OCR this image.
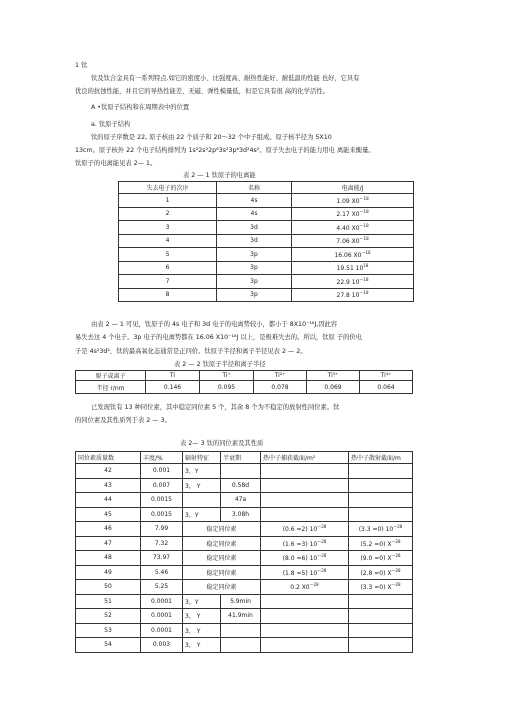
1 钛
钛及钛合金具有一系列特点.如它的密度小、比强度高、耐热性能好、耐低温的性能 也好，它具有
优良的抗蚀性能，并且它的导热性能差、无磁、弹性模量低，但是它具有很 高的化学活性。
A •钛原子结构和在周期表中的位置
a. 钛原子结构
钛的原子序数是 22, 原子核由 22 个质子和 20〜32 个中子组成。原子核半径为 5X10
13cm。原子核外 22 个电子结构排列为 1s²2s²2p⁶3s²3p⁶3d²4s²。原子失去电子的能力用电 离能来衡量。
钛原子的电离能见表 2— 1。
表 2 — 1 钛原子的电离能
失去电子的次序	名称	电离能/J
1	4s	1.09 $X0^{—18}$
2	4s	2.17 $X0^{—18}$
3	3d	4.40 $X0^{—18}$
4	3d	7.06 $X0^{—18}$
5	3p	16.06 $X0^{—18}$
6	3p	19.51 $10^{18}$
7	3p	22.9 $10^{—18}$
8	3p	27.8 $10^{—18}$
由表 2 — 1 可见，钛原子的 4s 电子和 3d 电子的电离势较小，都小于 8X10⁻¹⁸J,因此容
易失去这 4 个电子。3p 电子的电离势都在 16.06 X10⁻¹⁸J 以上，是极难失去的。所以，钛原 子的价电
子是 4s²3d²，钛的最高氧化态通常是正四价。钛原子半径和离子半径见表 2 — 2。
表 2 — 2 钛原子半径和离子半径
原子或离子	Ti	Ti⁺	Ti²⁺	Ti³⁺	Ti⁴⁺
半径 r/nm	0.146	0.095	0.078	0.069	0.064
已发现钛有 13 种同位素，其中稳定同位素 5 个，其余 8 个为不稳定的放射性同位素。钛
的同位素及其性质列于表 2 — 3。
表 2— 3 钛的同位素及其性质
同位素质量数	丰度/%	辐射特征	半衰期	热中子捕获截面/m²	热中子散射截面/m
42	0.001	3，Y			
43	0.007	3， Y	0.58d		
44	0.0015		47a		
45	0.0015	3，Y	3.08h		
46	7.99	稳定同位素		(0.6 =2) $10^{—28}$	(3.3 =0) $10^{—28}$
47	7.32	稳定同位素		(1.6 =3) $10^{—28}$	(5.2 =0) $X^{—28}$
48	73.97	稳定同位素		(8.0 =6) $10^{—28}$	(9.0 =0) $X^{—28}$
49	5.46	稳定同位素		(1.8 =5) $10^{—28}$	(2.8 =0) $X^{—28}$
50	5.25	稳定同位素		0.2 $X0^{—28}$	(3.3 =0) $X^{—28}$
51	0.0001	3，Y	5.9min		
52	0.0001	3， Y	41.9min		
53	0.0001	3， Y			
54	0.003	3， Y			
